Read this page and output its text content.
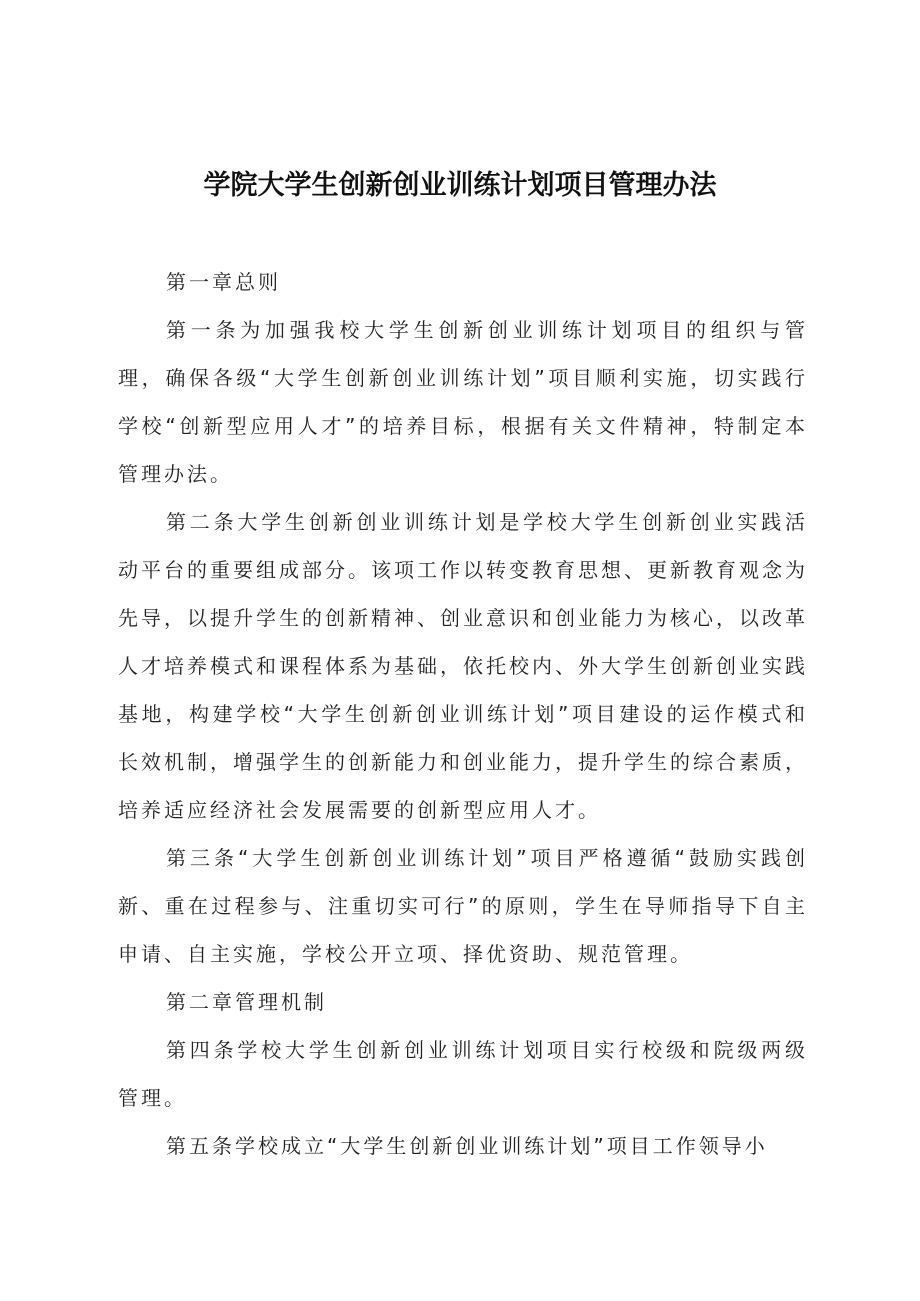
学院大学生创新创业训练计划项目管理办法

第一章总则

第一条为加强我校大学生创新创业训练计划项目的组织与管理，确保各级“大学生创新创业训练计划”项目顺利实施，切实践行学校“创新型应用人才”的培养目标，根据有关文件精神，特制定本管理办法。

第二条大学生创新创业训练计划是学校大学生创新创业实践活动平台的重要组成部分。该项工作以转变教育思想、更新教育观念为先导，以提升学生的创新精神、创业意识和创业能力为核心，以改革人才培养模式和课程体系为基础，依托校内、外大学生创新创业实践基地，构建学校“大学生创新创业训练计划”项目建设的运作模式和长效机制，增强学生的创新能力和创业能力，提升学生的综合素质，培养适应经济社会发展需要的创新型应用人才。

第三条“大学生创新创业训练计划”项目严格遵循“鼓励实践创新、重在过程参与、注重切实可行”的原则，学生在导师指导下自主申请、自主实施，学校公开立项、择优资助、规范管理。

第二章管理机制

第四条学校大学生创新创业训练计划项目实行校级和院级两级管理。

第五条学校成立“大学生创新创业训练计划”项目工作领导小
